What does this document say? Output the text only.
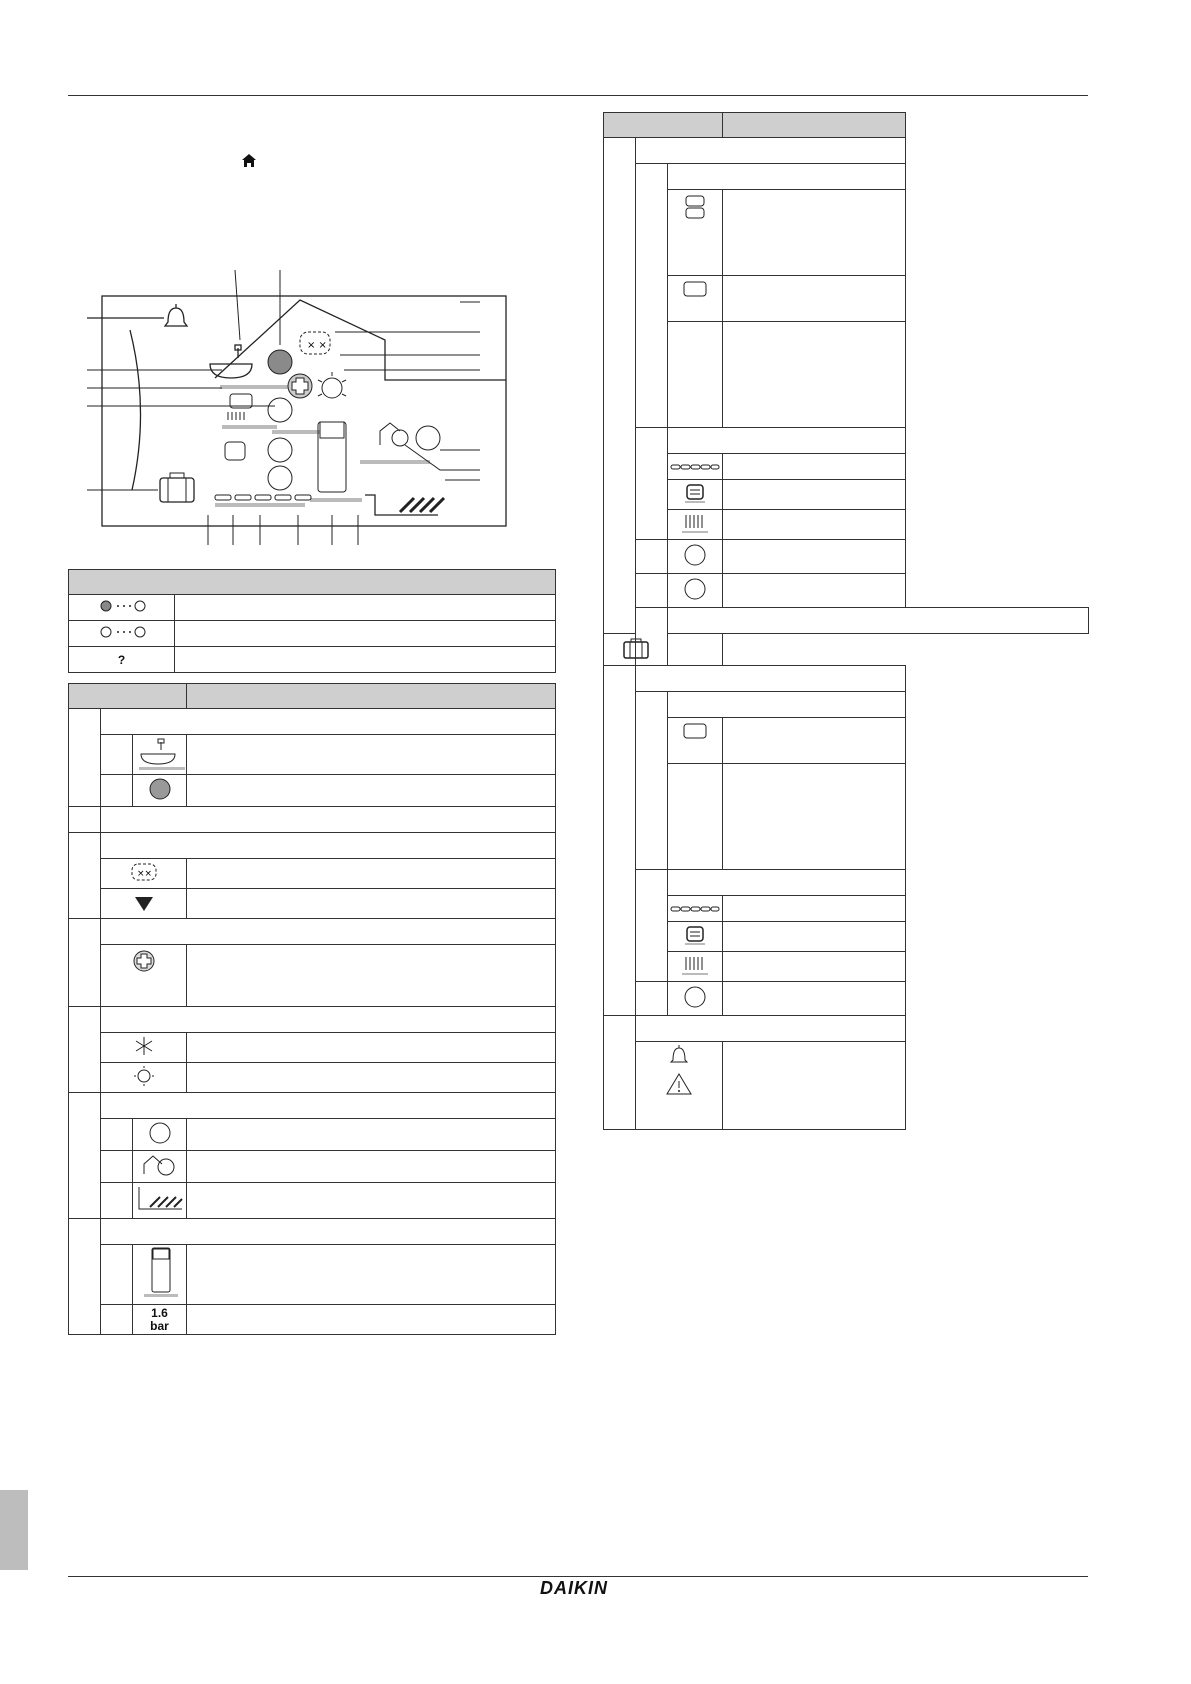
× ×

?	

××		

		1.6
bar	

DAIKIN
